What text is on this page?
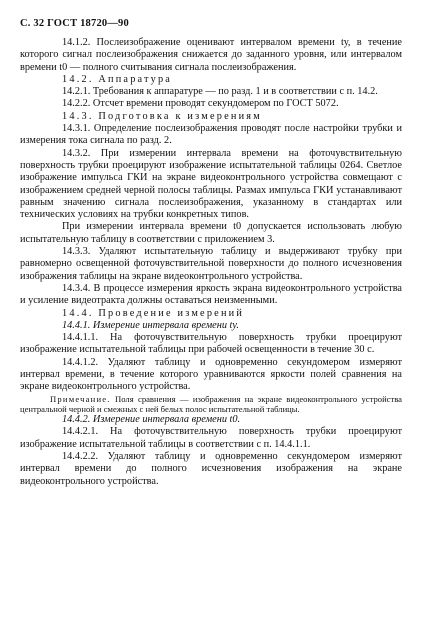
С. 32 ГОСТ 18720—90

14.1.2. Послеизображение оценивают интервалом времени tу, в течение которого сигнал послеизображения снижается до заданного уровня, или интервалом времени t0 — полного считывания сигнала послеизображения.

14.2. Аппаратура

14.2.1. Требования к аппаратуре — по разд. 1 и в соответствии с п. 14.2.

14.2.2. Отсчет времени проводят секундомером по ГОСТ 5072.

14.3. Подготовка к измерениям

14.3.1. Определение послеизображения проводят после настройки трубки и измерения тока сигнала по разд. 2.

14.3.2. При измерении интервала времени на фоточувствительную поверхность трубки проецируют изображение испытательной таблицы 0264. Светлое изображение импульса ГКИ на экране видеоконтрольного устройства совмещают с изображением средней черной полосы таблицы. Размах импульса ГКИ устанавливают равным значению сигнала послеизображения, указанному в стандартах или технических условиях на трубки конкретных типов.

При измерении интервала времени t0 допускается использовать любую испытательную таблицу в соответствии с приложением 3.

14.3.3. Удаляют испытательную таблицу и выдерживают трубку при равномерно освещенной фоточувствительной поверхности до полного исчезновения изображения таблицы на экране видеоконтрольного устройства.

14.3.4. В процессе измерения яркость экрана видеоконтрольного устройства и усиление видеотракта должны оставаться неизменными.

14.4. Проведение измерений

14.4.1. Измерение интервала времени tу.

14.4.1.1. На фоточувствительную поверхность трубки проецируют изображение испытательной таблицы при рабочей освещенности в течение 30 с.

14.4.1.2. Удаляют таблицу и одновременно секундомером измеряют интервал времени, в течение которого уравниваются яркости полей сравнения на экране видеоконтрольного устройства.

Примечание. Поля сравнения — изображения на экране видеоконтрольного устройства центральной черной и смежных с ней белых полос испытательной таблицы.

14.4.2. Измерение интервала времени t0.

14.4.2.1. На фоточувствительную поверхность трубки проецируют изображение испытательной таблицы в соответствии с п. 14.4.1.1.

14.4.2.2. Удаляют таблицу и одновременно секундомером измеряют интервал времени до полного исчезновения изображения на экране видеоконтрольного устройства.
